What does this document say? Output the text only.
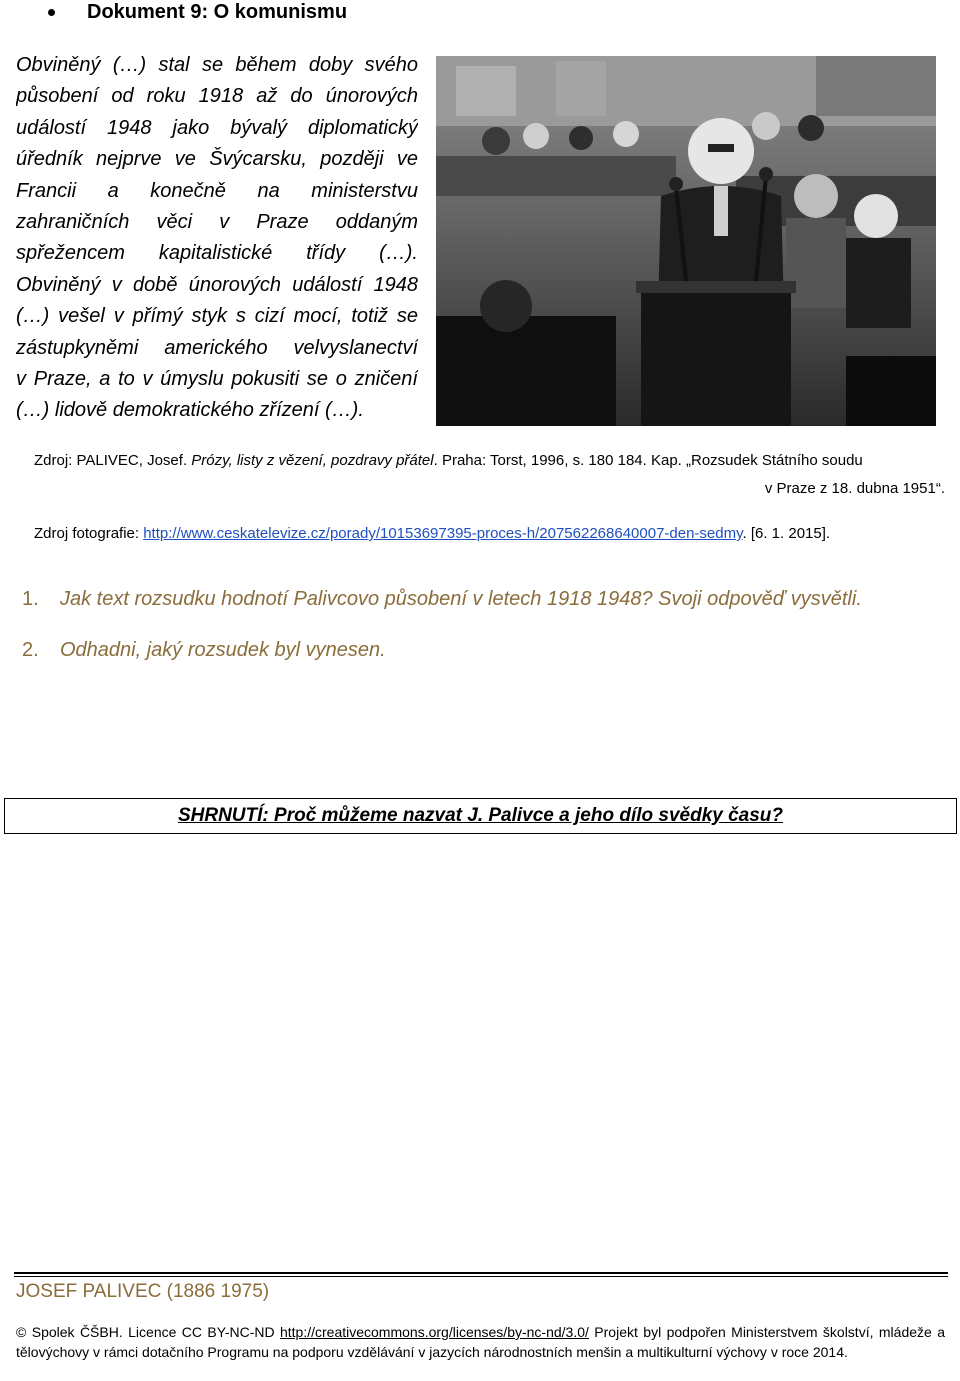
Dokument 9: O komunismu
Obviněný (…) stal se během doby svého
působení od roku 1918 až do únorových
událostí 1948 jako bývalý diplomatický
úředník nejprve ve Švýcarsku, později ve
Francii a konečně na ministerstvu
zahraničních věci v Praze oddaným
spřežencem kapitalistické třídy (…).
Obviněný v době únorových událostí 1948
(…) vešel v přímý styk s cizí mocí, totiž se
zástupkyněmi amerického velvyslanectví
v Praze, a to v úmyslu pokusiti se o zničení
(…) lidově demokratického zřízení (…).
Zdroj: PALIVEC, Josef. Prózy, listy z vězení, pozdravy přátel. Praha: Torst, 1996, s. 180 184. Kap. „Rozsudek Státního soudu
v Praze z 18. dubna 1951“.
Zdroj fotografie: http://www.ceskatelevize.cz/porady/10153697395-proces-h/207562268640007-den-sedmy. [6. 1. 2015].
1. Jak text rozsudku hodnotí Palivcovo působení v letech 1918 1948? Svoji odpověď vysvětli.
2. Odhadni, jaký rozsudek byl vynesen.
SHRNUTÍ: Proč můžeme nazvat J. Palivce a jeho dílo svědky času?
JOSEF PALIVEC (1886 1975)
© Spolek ČŠBH. Licence CC BY-NC-ND http://creativecommons.org/licenses/by-nc-nd/3.0/ Projekt byl podpořen Ministerstvem školství, mládeže a tělovýchovy v rámci dotačního Programu na podporu vzdělávání v jazycích národnostních menšin a multikulturní výchovy v roce 2014.
